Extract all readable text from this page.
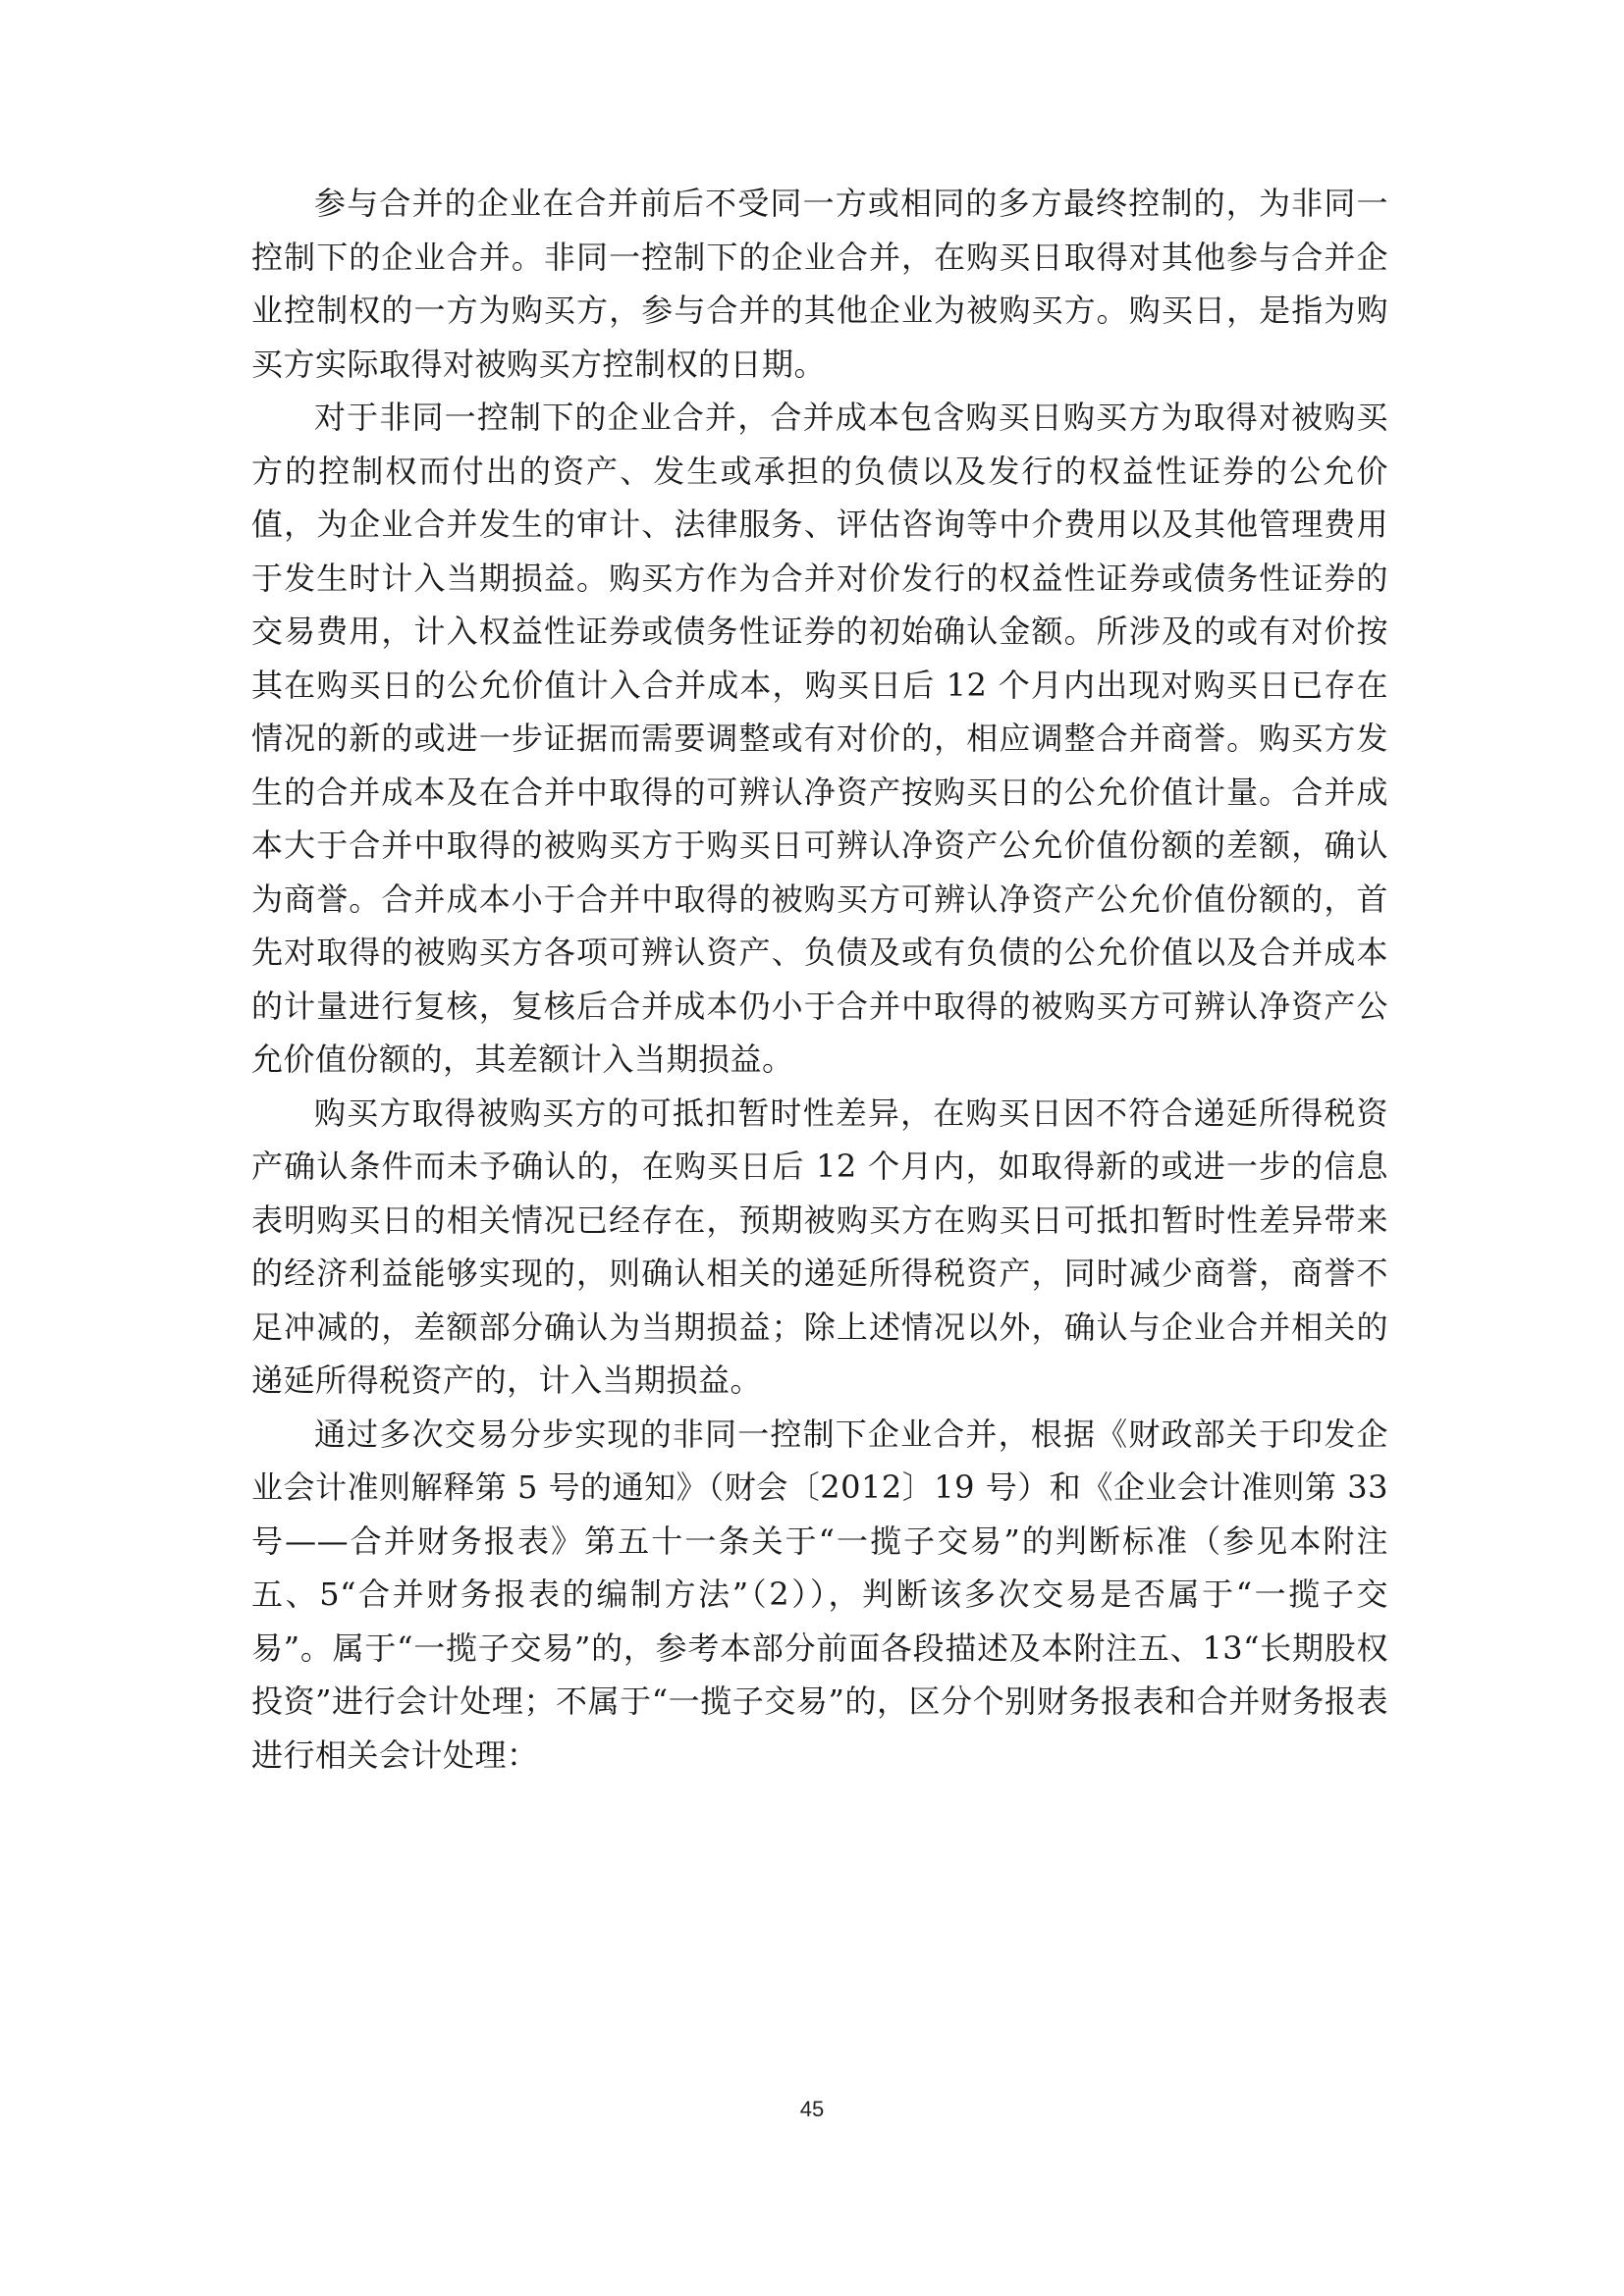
参与合并的企业在合并前后不受同一方或相同的多方最终控制的，为非同一控制下的企业合并。非同一控制下的企业合并，在购买日取得对其他参与合并企业控制权的一方为购买方，参与合并的其他企业为被购买方。购买日，是指为购买方实际取得对被购买方控制权的日期。

对于非同一控制下的企业合并，合并成本包含购买日购买方为取得对被购买方的控制权而付出的资产、发生或承担的负债以及发行的权益性证券的公允价值，为企业合并发生的审计、法律服务、评估咨询等中介费用以及其他管理费用于发生时计入当期损益。购买方作为合并对价发行的权益性证券或债务性证券的交易费用，计入权益性证券或债务性证券的初始确认金额。所涉及的或有对价按其在购买日的公允价值计入合并成本，购买日后 12 个月内出现对购买日已存在情况的新的或进一步证据而需要调整或有对价的，相应调整合并商誉。购买方发生的合并成本及在合并中取得的可辨认净资产按购买日的公允价值计量。合并成本大于合并中取得的被购买方于购买日可辨认净资产公允价值份额的差额，确认为商誉。合并成本小于合并中取得的被购买方可辨认净资产公允价值份额的，首先对取得的被购买方各项可辨认资产、负债及或有负债的公允价值以及合并成本的计量进行复核，复核后合并成本仍小于合并中取得的被购买方可辨认净资产公允价值份额的，其差额计入当期损益。

购买方取得被购买方的可抵扣暂时性差异，在购买日因不符合递延所得税资产确认条件而未予确认的，在购买日后 12 个月内，如取得新的或进一步的信息表明购买日的相关情况已经存在，预期被购买方在购买日可抵扣暂时性差异带来的经济利益能够实现的，则确认相关的递延所得税资产，同时减少商誉，商誉不足冲减的，差额部分确认为当期损益；除上述情况以外，确认与企业合并相关的递延所得税资产的，计入当期损益。

通过多次交易分步实现的非同一控制下企业合并，根据《财政部关于印发企业会计准则解释第 5 号的通知》（财会〔2012〕19 号）和《企业会计准则第 33 号——合并财务报表》第五十一条关于“一揽子交易”的判断标准（参见本附注五、5“合并财务报表的编制方法”（2）），判断该多次交易是否属于“一揽子交易”。属于“一揽子交易”的，参考本部分前面各段描述及本附注五、13“长期股权投资”进行会计处理；不属于“一揽子交易”的，区分个别财务报表和合并财务报表进行相关会计处理：

45
